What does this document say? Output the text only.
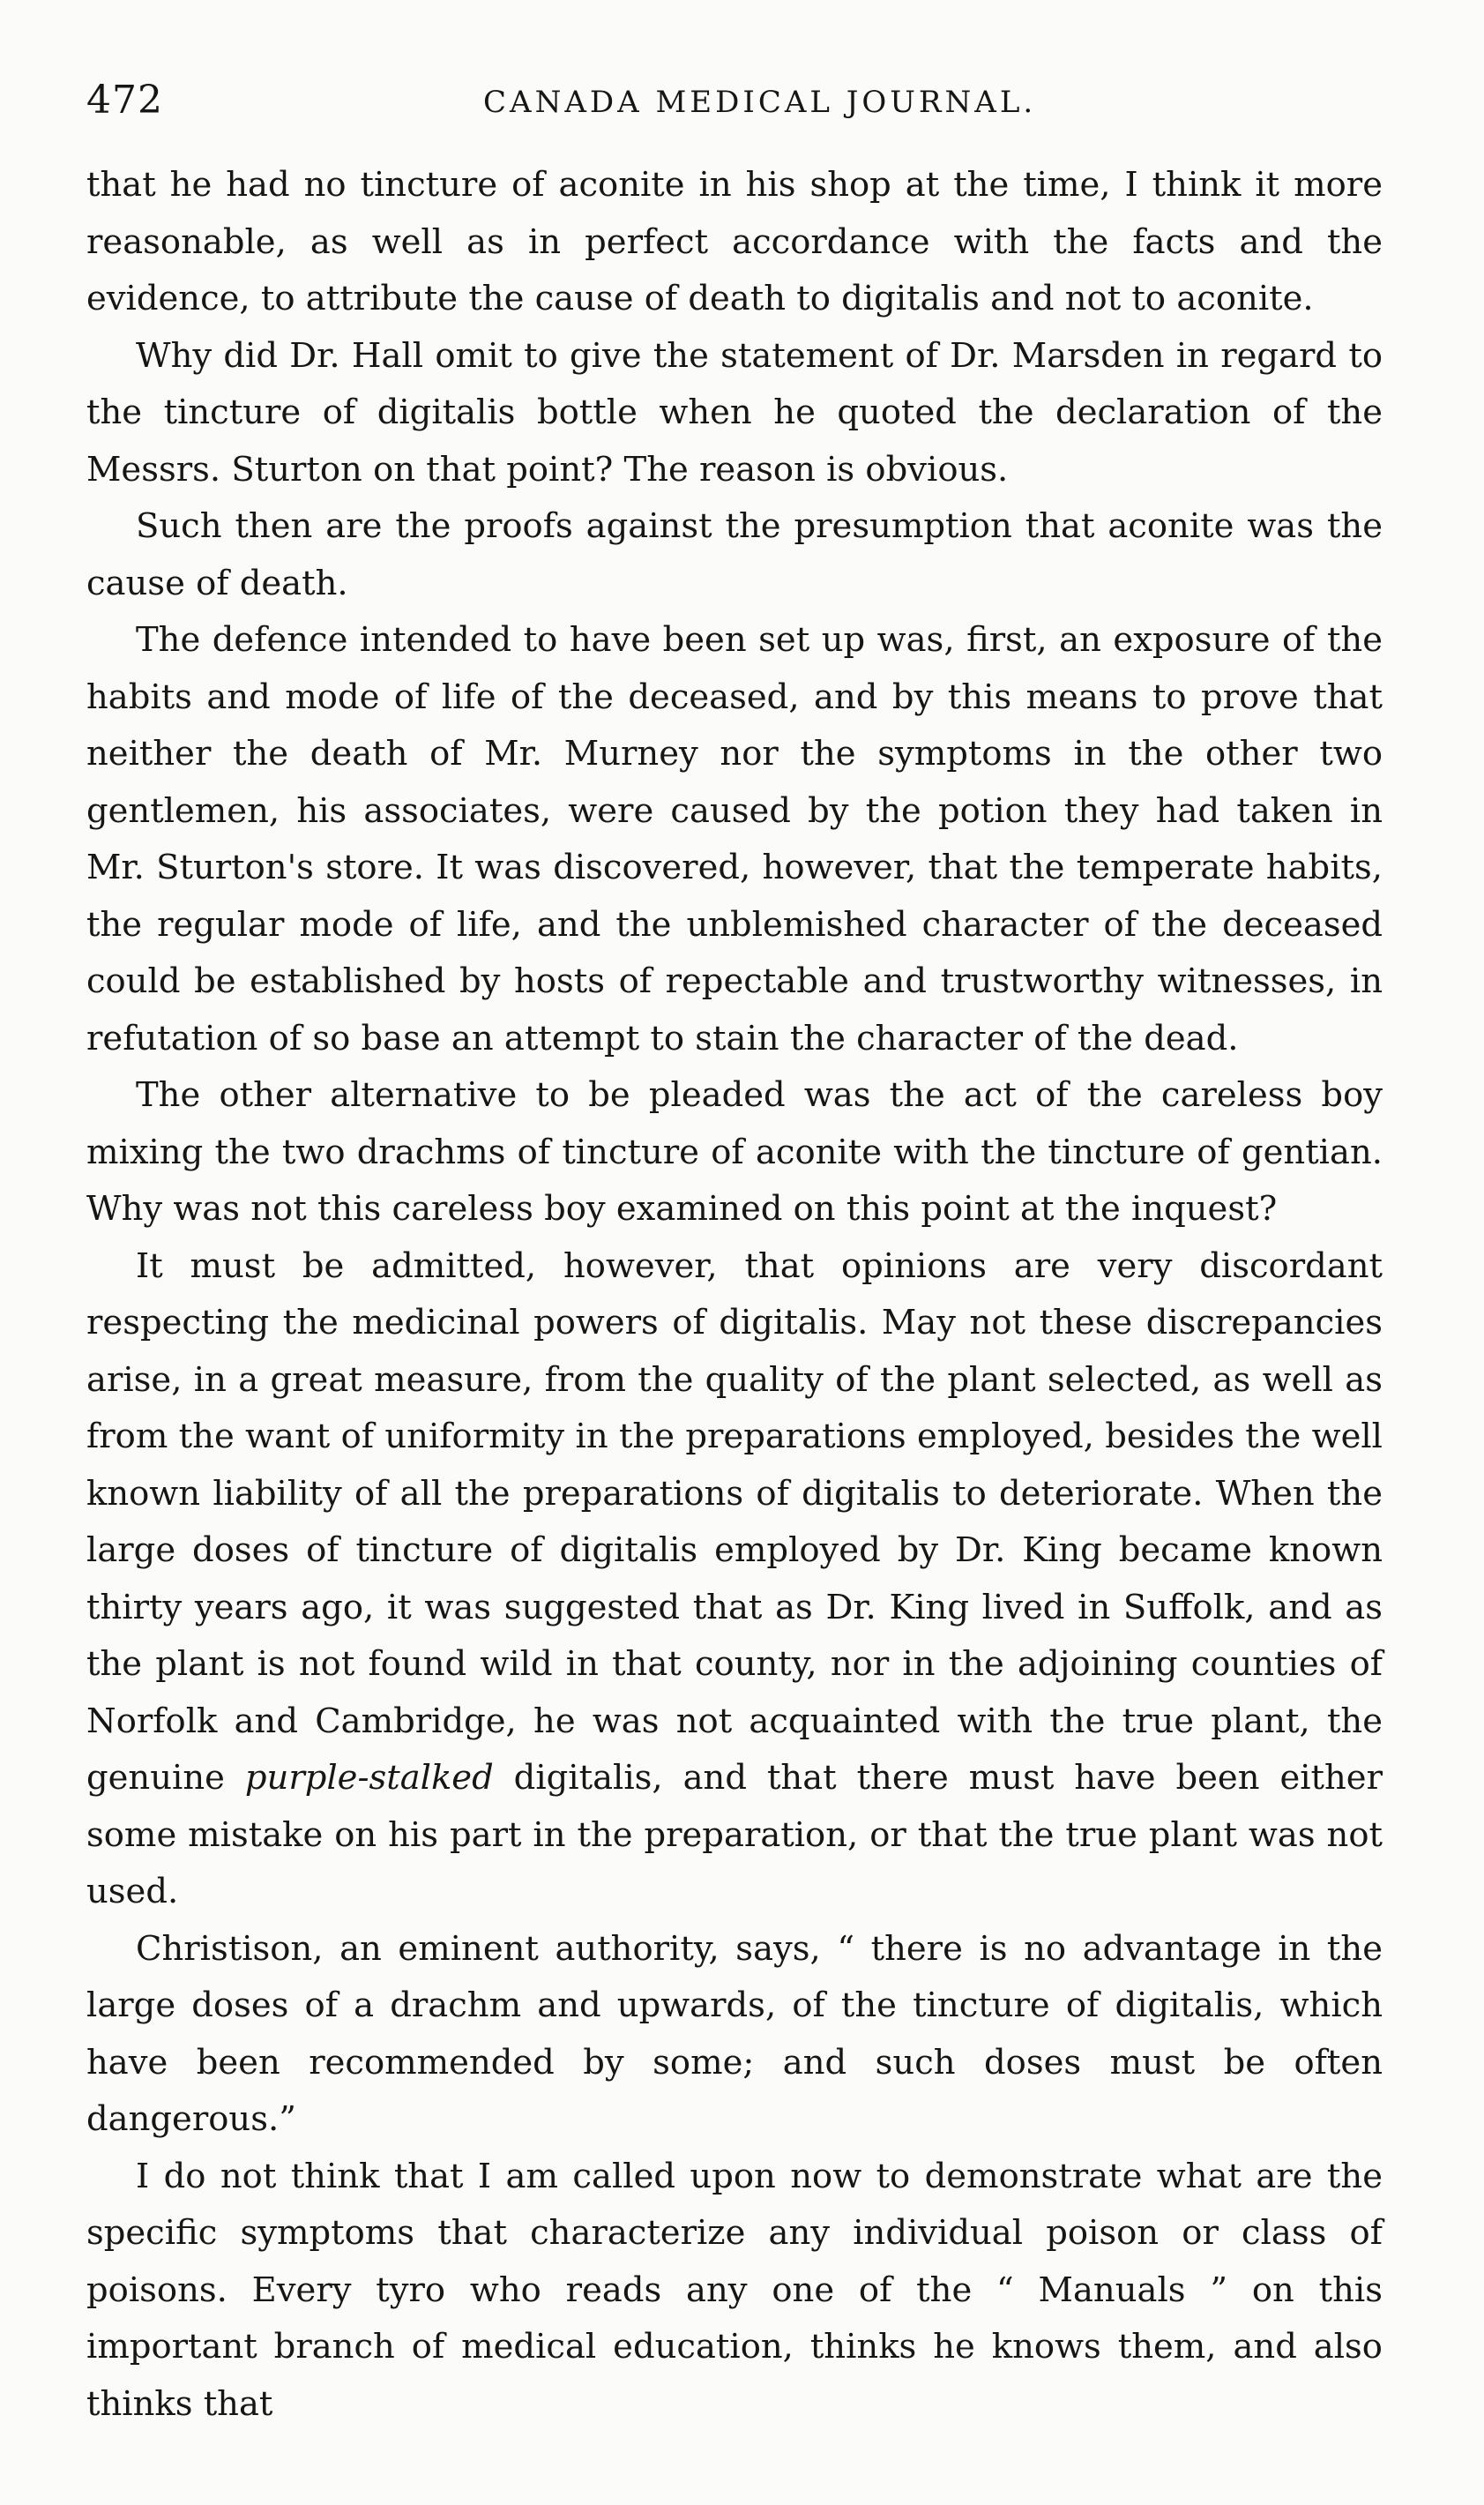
472	CANADA MEDICAL JOURNAL.

that he had no tincture of aconite in his shop at the time, I think it more reasonable, as well as in perfect accordance with the facts and the evidence, to attribute the cause of death to digitalis and not to aconite.

Why did Dr. Hall omit to give the statement of Dr. Marsden in regard to the tincture of digitalis bottle when he quoted the declaration of the Messrs. Sturton on that point? The reason is obvious.

Such then are the proofs against the presumption that aconite was the cause of death.

The defence intended to have been set up was, first, an exposure of the habits and mode of life of the deceased, and by this means to prove that neither the death of Mr. Murney nor the symptoms in the other two gentlemen, his associates, were caused by the potion they had taken in Mr. Sturton's store. It was discovered, however, that the temperate habits, the regular mode of life, and the unblemished character of the deceased could be established by hosts of repectable and trustworthy witnesses, in refutation of so base an attempt to stain the character of the dead.

The other alternative to be pleaded was the act of the careless boy mixing the two drachms of tincture of aconite with the tincture of gentian. Why was not this careless boy examined on this point at the inquest?

It must be admitted, however, that opinions are very discordant respecting the medicinal powers of digitalis. May not these discrepancies arise, in a great measure, from the quality of the plant selected, as well as from the want of uniformity in the preparations employed, besides the well known liability of all the preparations of digitalis to deteriorate. When the large doses of tincture of digitalis employed by Dr. King became known thirty years ago, it was suggested that as Dr. King lived in Suffolk, and as the plant is not found wild in that county, nor in the adjoining counties of Norfolk and Cambridge, he was not acquainted with the true plant, the genuine purple-stalked digitalis, and that there must have been either some mistake on his part in the preparation, or that the true plant was not used.

Christison, an eminent authority, says, “ there is no advantage in the large doses of a drachm and upwards, of the tincture of digitalis, which have been recommended by some; and such doses must be often dangerous.”

I do not think that I am called upon now to demonstrate what are the specific symptoms that characterize any individual poison or class of poisons. Every tyro who reads any one of the “ Manuals ” on this important branch of medical education, thinks he knows them, and also thinks that
